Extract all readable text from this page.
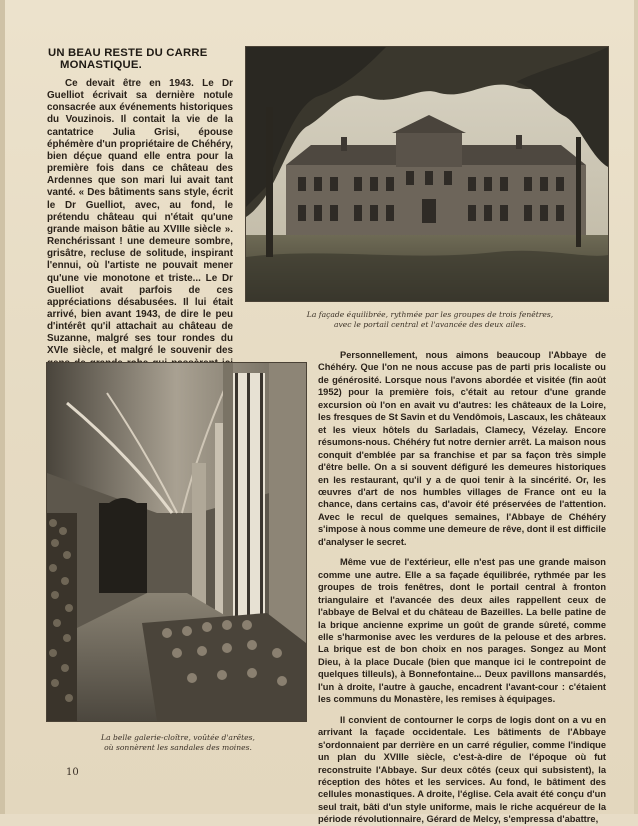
UN BEAU RESTE DU CARRE
MONASTIQUE.

Ce devait être en 1943. Le Dr Guelliot écrivait sa dernière notule consacrée aux événements historiques du Vouzinois. Il contait la vie de la cantatrice Julia Grisi, épouse éphémère d'un propriétaire de Chéhéry, bien déçue quand elle entra pour la première fois dans ce château des Ardennes que son mari lui avait tant vanté. « Des bâtiments sans style, écrit le Dr Guelliot, avec, au fond, le prétendu château qui n'était qu'une grande maison bâtie au XVIIIe siècle ». Renchérissant ! une demeure sombre, grisâtre, recluse de solitude, inspirant l'ennui, où l'artiste ne pouvait mener qu'une vie monotone et triste... Le Dr Guelliot avait parfois de ces appréciations désabusées. Il lui était arrivé, bien avant 1943, de dire le peu d'intérêt qu'il attachait au château de Suzanne, malgré ses tour rondes du XVIe siècle, et malgré le souvenir des

La façade équilibrée, rythmée par les groupes de trois fenêtres,
avec le portail central et l'avancée des deux ailes.

La belle galerie-cloître, voûtée d'arêtes,
où sonnèrent les sandales des moines.

Personnellement, nous aimons beaucoup l'Abbaye de Chéhéry. Que l'on ne nous accuse pas de parti pris localiste ou de générosité. Lorsque nous l'avons abordée et visitée (fin août 1952) pour la première fois, c'était au retour d'une grande excursion où l'on en avait vu d'autres: les châteaux de la Loire, les fresques de St Savin et du Vendômois, Lascaux, les châteaux et les vieux hôtels du Sarladais, Clamecy, Vézelay. Encore résumons-nous. Chéhéry fut notre dernier arrêt. La maison nous conquit d'emblée par sa franchise et par sa façon très simple d'être belle. On a si souvent défiguré les demeures historiques en les restaurant, qu'il y a de quoi tenir à la sincérité. Or, les œuvres d'art de nos humbles villages de France ont eu la chance, dans certains cas, d'avoir été préservées de l'attention. Avec le recul de quelques semaines, l'Abbaye de Chéhéry s'impose à nous comme une demeure de rêve, dont il est difficile d'analyser le secret.

Même vue de l'extérieur, elle n'est pas une grande maison comme une autre. Elle a sa façade équilibrée, rythmée par les groupes de trois fenêtres, dont le portail central à fronton triangulaire et l'avancée des deux ailes rappellent ceux de l'abbaye de Belval et du château de Bazeilles. La belle patine de la brique ancienne exprime un goût de grande sûreté, comme elle s'harmonise avec les verdures de la pelouse et des arbres. La brique est de bon choix en nos parages. Songez au Mont Dieu, à la place Ducale (bien que manque ici le contrepoint de quelques tilleuls), à Bonnefontaine... Deux pavillons mansardés, l'un à droite, l'autre à gauche, encadrent l'avant-cour : c'étaient les communs du Monastère, les remises à équipages.

Il convient de contourner le corps de logis dont on a vu en arrivant la façade occidentale. Les bâtiments de l'Abbaye s'ordonnaient par derrière en un carré régulier, comme l'indique un plan du XVIIIe siècle, c'est-à-dire de l'époque où fut reconstruite l'Abbaye. Sur deux côtés (ceux qui subsistent), la réception des hôtes et les services. Au fond, le bâtiment des cellules monastiques. A droite, l'église. Cela avait été conçu d'un seul trait, bâti d'un style uniforme, mais le riche acquéreur de la période révolutionnaire, Gérard de Melcy, s'empressa d'abattre,

10
